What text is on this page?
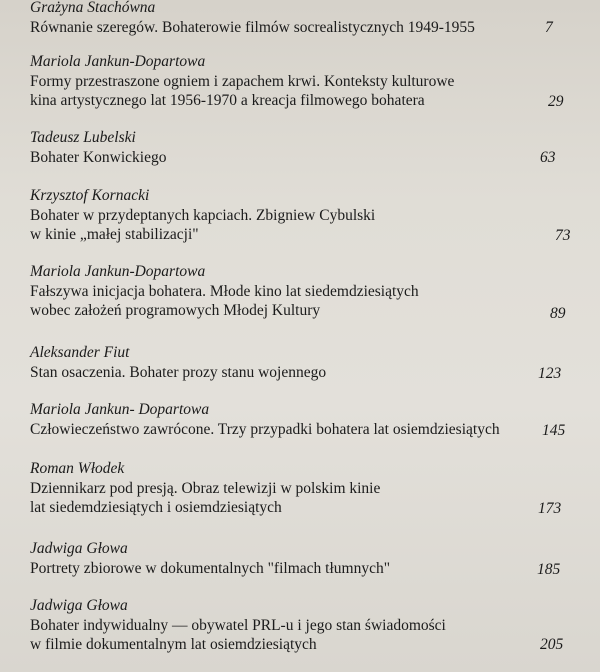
Grażyna Stachówna
Równanie szeregów. Bohaterowie filmów socrealistycznych 1949-1955	7
Mariola Jankun-Dopartowa
Formy przestraszone ogniem i zapachem krwi. Konteksty kulturowe
kina artystycznego lat 1956-1970 a kreacja filmowego bohatera	29
Tadeusz Lubelski
Bohater Konwickiego	63
Krzysztof Kornacki
Bohater w przydeptanych kapciach. Zbigniew Cybulski
w kinie „małej stabilizacji"	73
Mariola Jankun-Dopartowa
Fałszywa inicjacja bohatera. Młode kino lat siedemdziesiątych
wobec założeń programowych Młodej Kultury	89
Aleksander Fiut
Stan osaczenia. Bohater prozy stanu wojennego	123
Mariola Jankun- Dopartowa
Człowieczeństwo zawrócone. Trzy przypadki bohatera lat osiemdziesiątych	145
Roman Włodek
Dziennikarz pod presją. Obraz telewizji w polskim kinie
lat siedemdziesiątych i osiemdziesiątych	173
Jadwiga Głowa
Portrety zbiorowe w dokumentalnych "filmach tłumnych"	185
Jadwiga Głowa
Bohater indywidualny — obywatel PRL-u i jego stan świadomości
w filmie dokumentalnym lat osiemdziesiątych	205
